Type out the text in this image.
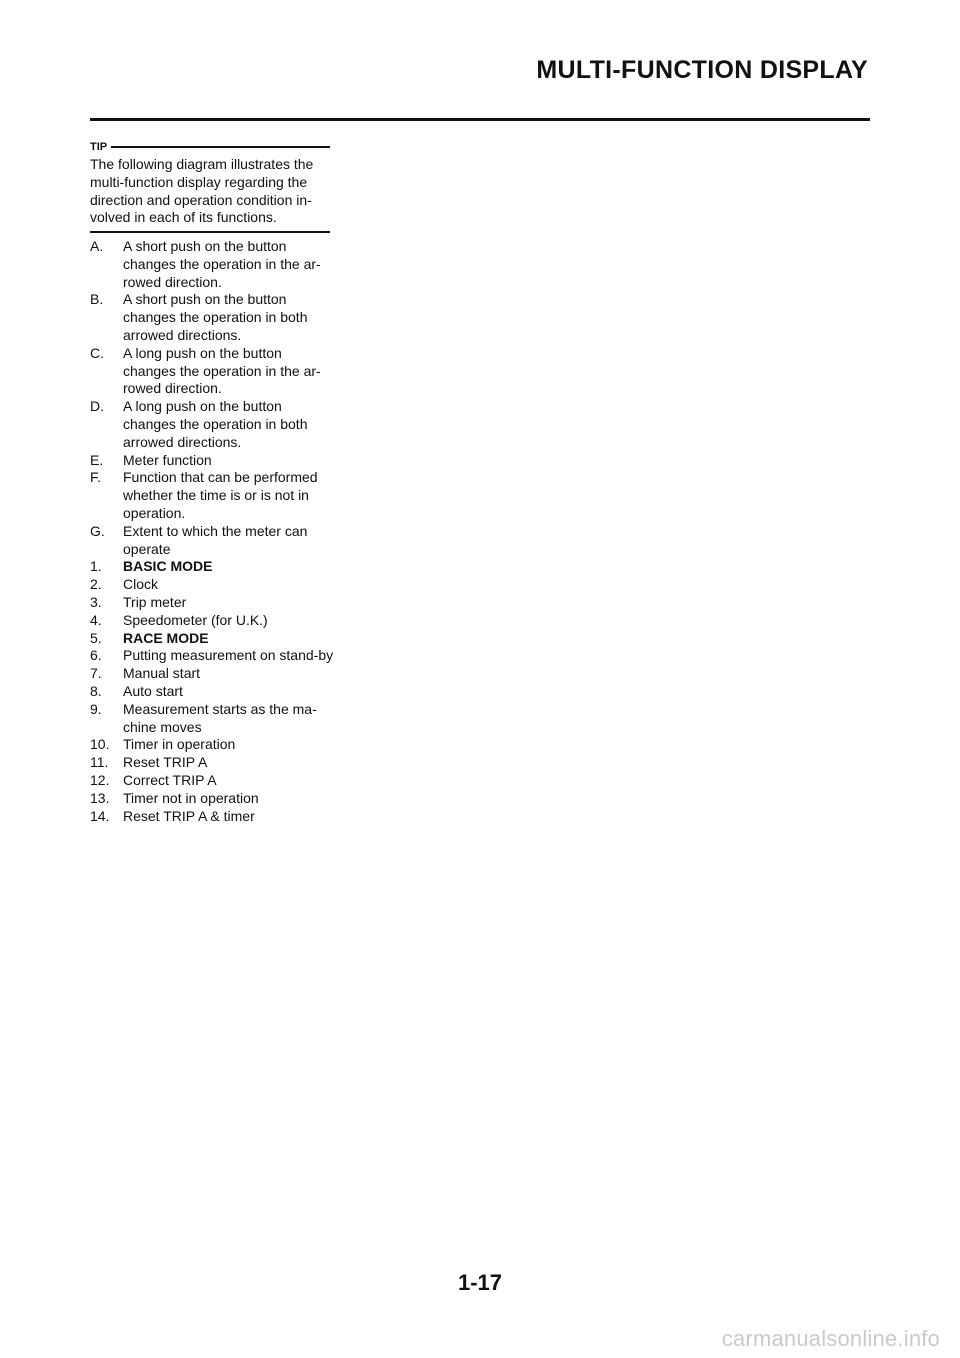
MULTI-FUNCTION DISPLAY
TIP
The following diagram illustrates the multi-function display regarding the direction and operation condition in-volved in each of its functions.
A.	A short push on the button changes the operation in the ar-rowed direction.
B.	A short push on the button changes the operation in both arrowed directions.
C.	A long push on the button changes the operation in the ar-rowed direction.
D.	A long push on the button changes the operation in both arrowed directions.
E.	Meter function
F.	Function that can be performed whether the time is or is not in operation.
G.	Extent to which the meter can operate
1.	BASIC MODE
2.	Clock
3.	Trip meter
4.	Speedometer (for U.K.)
5.	RACE MODE
6.	Putting measurement on stand-by
7.	Manual start
8.	Auto start
9.	Measurement starts as the ma-chine moves
10. Timer in operation
11.	Reset TRIP A
12. Correct TRIP A
13. Timer not in operation
14. Reset TRIP A & timer
1-17
carmanualsonline.info
